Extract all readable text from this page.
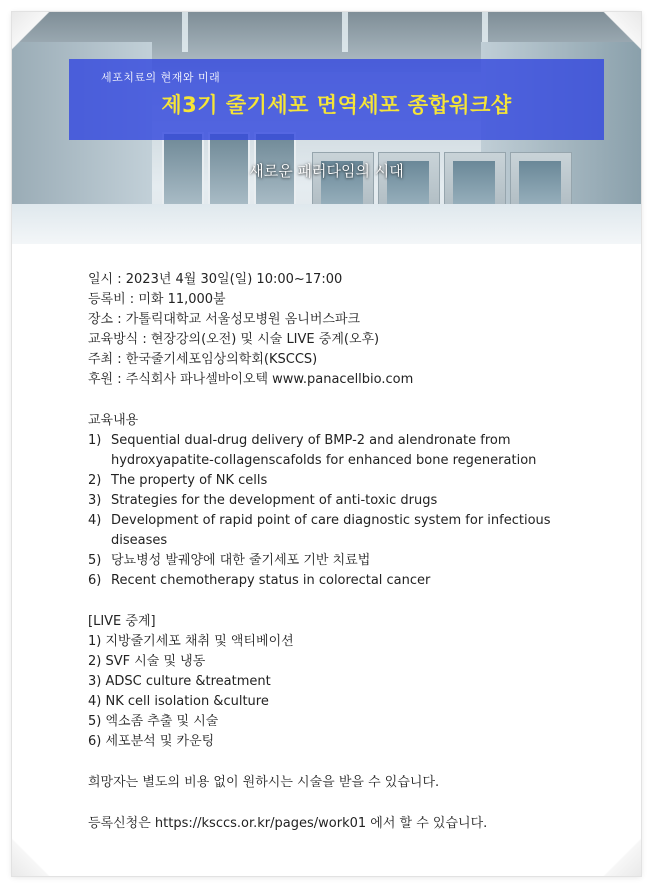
세포치료의 현재와 미래
제3기 줄기세포 면역세포 종합워크샵
새로운 패러다임의 시대
일시 : 2023년 4월 30일(일) 10:00~17:00
등록비 : 미화 11,000불
장소 : 가톨릭대학교 서울성모병원 옴니버스파크
교육방식 : 현장강의(오전) 및 시술 LIVE 중계(오후)
주최 : 한국줄기세포임상의학회(KSCCS)
후원 : 주식회사 파나셀바이오텍 www.panacellbio.com
교육내용
1) Sequential dual-drug delivery of BMP-2 and alendronate from hydroxyapatite-collagenscafolds for enhanced bone regeneration
2) The property of NK cells
3) Strategies for the development of anti-toxic drugs
4) Development of rapid point of care diagnostic system for infectious diseases
5) 당뇨병성 발궤양에 대한 줄기세포 기반 치료법
6) Recent chemotherapy status in colorectal cancer
[LIVE 중계]
1) 지방줄기세포 채취 및 액티베이션
2) SVF 시술 및 냉동
3) ADSC culture &treatment
4) NK cell isolation &culture
5) 엑소좀 추출 및 시술
6) 세포분석 및 카운팅
희망자는 별도의 비용 없이 원하시는 시술을 받을 수 있습니다.
등록신청은 https://ksccs.or.kr/pages/work01 에서 할 수 있습니다.
